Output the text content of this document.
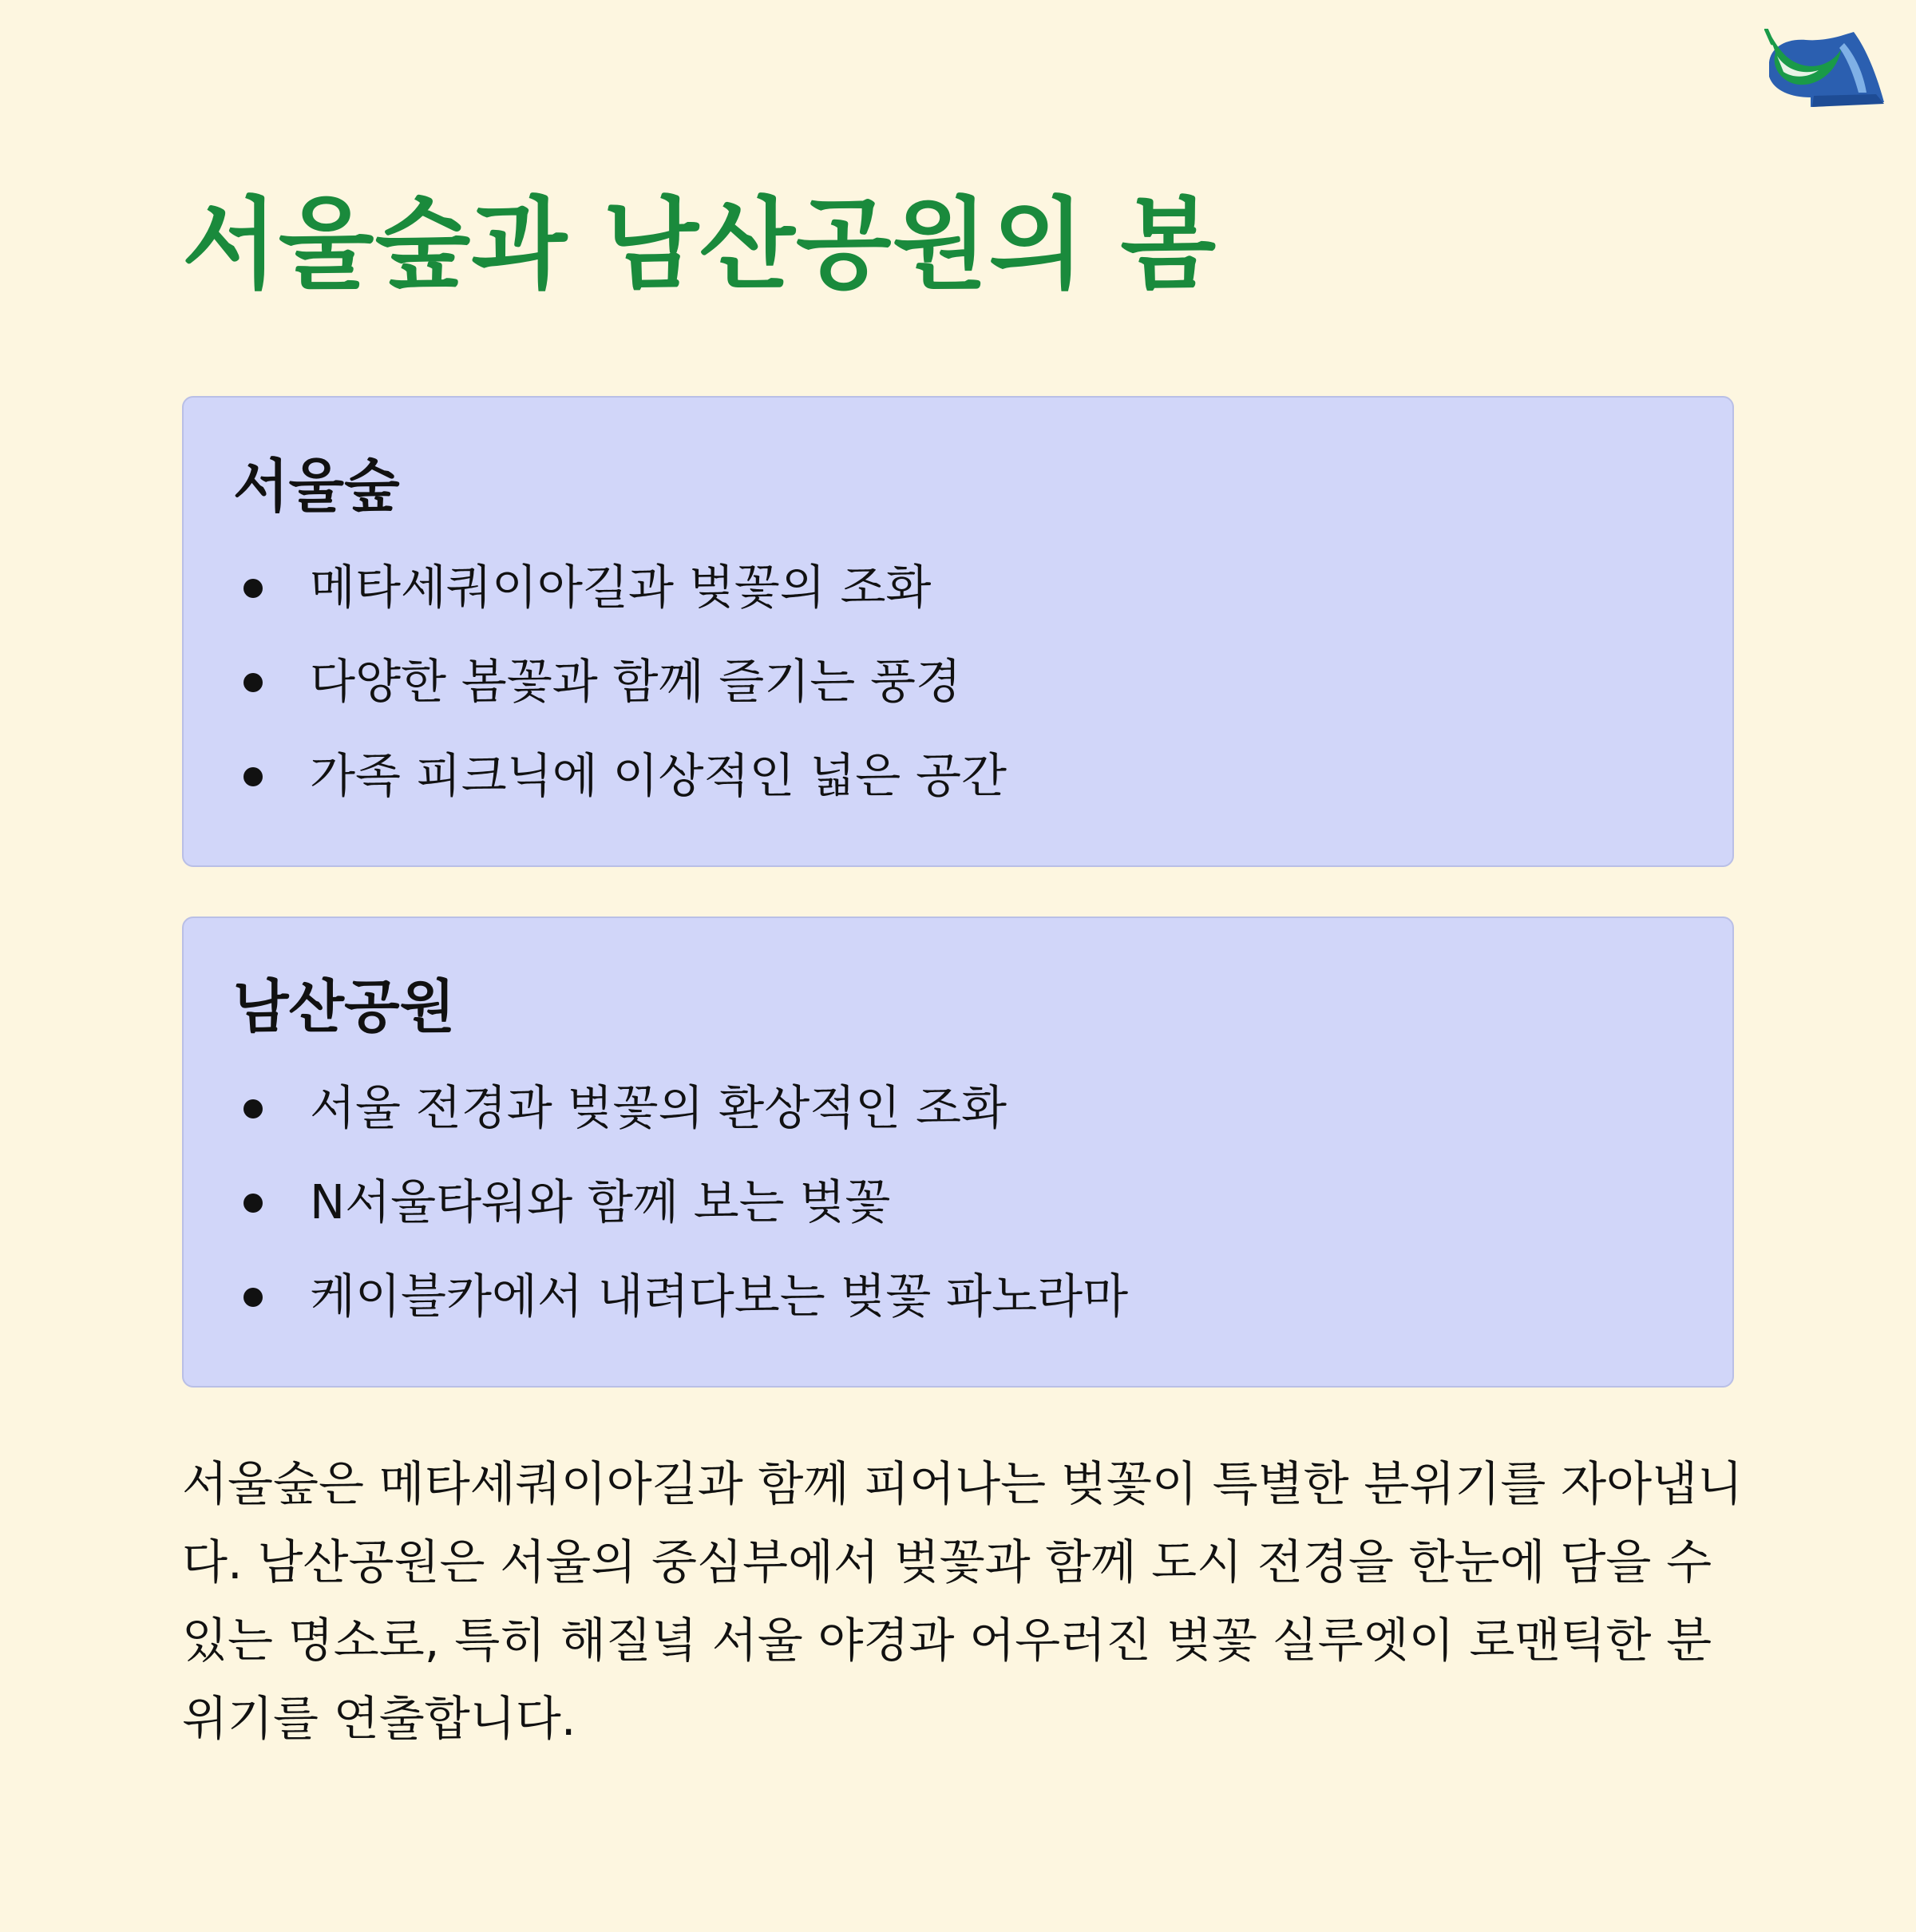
서울숲과 남산공원의 봄
서울숲
메타세쿼이아길과 벚꽃의 조화
다양한 봄꽃과 함께 즐기는 풍경
가족 피크닉에 이상적인 넓은 공간
남산공원
서울 전경과 벚꽃의 환상적인 조화
N서울타워와 함께 보는 벚꽃
케이블카에서 내려다보는 벚꽃 파노라마

서울숲은 메타세쿼이아길과 함께 피어나는 벚꽃이 특별한 분위기를 자아냅니다. 남산공원은 서울의 중심부에서 벚꽃과 함께 도시 전경을 한눈에 담을 수 있는 명소로, 특히 해질녘 서울 야경과 어우러진 벚꽃 실루엣이 로맨틱한 분위기를 연출합니다.
